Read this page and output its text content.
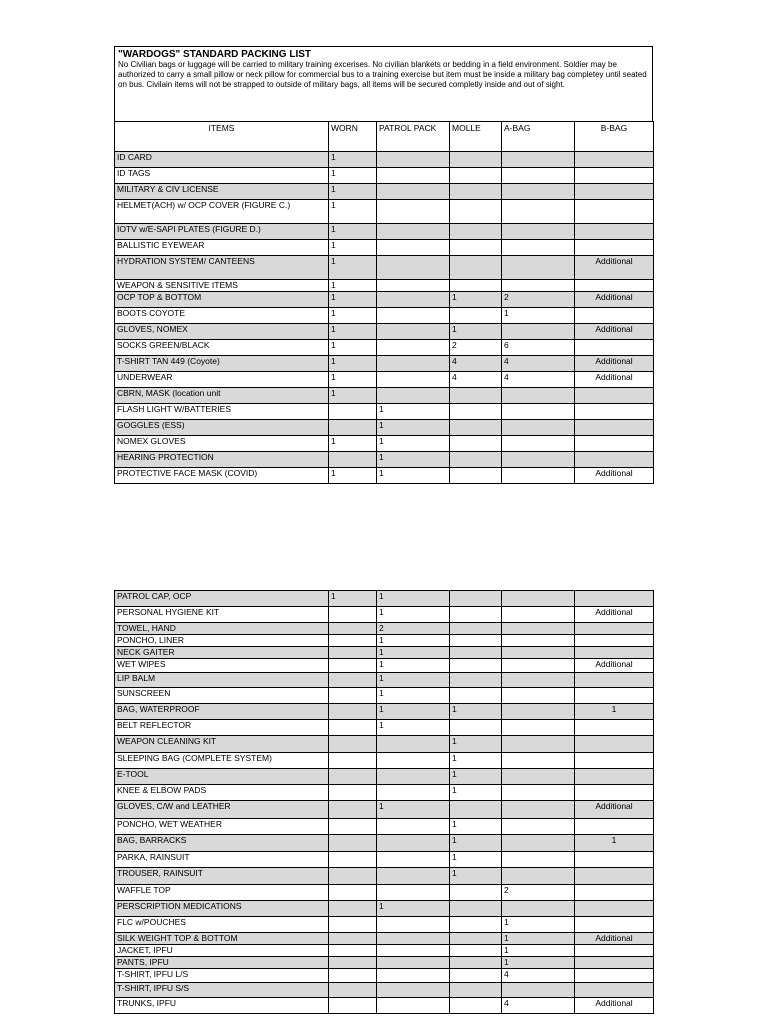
"WARDOGS" STANDARD PACKING LIST
No Civilian bags or luggage will be carried to military training excerises. No civilian blankets or bedding in a field environment. Soldier may be authorized to carry a small pillow or neck pillow for commercial bus to a training exercise but item must be inside a military bag completey until seated on bus. Civilain items will not be strapped to outside of military bags, all items will be secured completly inside and out of sight.
ITEMS	WORN	PATROL PACK	MOLLE	A-BAG	B-BAG
ID CARD	1				
ID TAGS	1				
MILITARY & CIV LICENSE	1				
HELMET(ACH) w/ OCP COVER (FIGURE C.)	1				
IOTV w/E-SAPI PLATES (FIGURE D.)	1				
BALLISTIC EYEWEAR	1				
HYDRATION SYSTEM/ CANTEENS	1				Additional
WEAPON & SENSITIVE ITEMS	1				
OCP TOP & BOTTOM	1		1	2	Additional
BOOTS COYOTE	1			1	
GLOVES, NOMEX	1		1		Additional
SOCKS GREEN/BLACK	1		2	6	
T-SHIRT TAN 449 (Coyote)	1		4	4	Additional
UNDERWEAR	1		4	4	Additional
CBRN, MASK (location unit	1				
FLASH LIGHT W/BATTERIES		1			
GOGGLES (ESS)		1			
NOMEX GLOVES	1	1			
HEARING PROTECTION		1			
PROTECTIVE FACE MASK (COVID)	1	1			Additional
PATROL CAP, OCP	1	1			
PERSONAL HYGIENE KIT		1			Additional
TOWEL, HAND		2			
PONCHO, LINER		1			
NECK GAITER		1			
WET WIPES		1			Additional
LIP BALM		1			
SUNSCREEN		1			
BAG, WATERPROOF		1	1		1
BELT REFLECTOR		1			
WEAPON CLEANING KIT			1		
SLEEPING BAG (COMPLETE SYSTEM)			1		
E-TOOL			1		
KNEE & ELBOW PADS			1		
GLOVES, C/W and LEATHER		1			Additional
PONCHO, WET WEATHER			1		
BAG, BARRACKS			1		1
PARKA, RAINSUIT			1		
TROUSER, RAINSUIT			1		
WAFFLE TOP				2	
PERSCRIPTION MEDICATIONS		1			
FLC w/POUCHES				1	
SILK WEIGHT TOP & BOTTOM				1	Additional
JACKET, IPFU				1	
PANTS, IPFU				1	
T-SHIRT, IPFU L/S				4	
T-SHIRT, IPFU S/S					
TRUNKS, IPFU				4	Additional
